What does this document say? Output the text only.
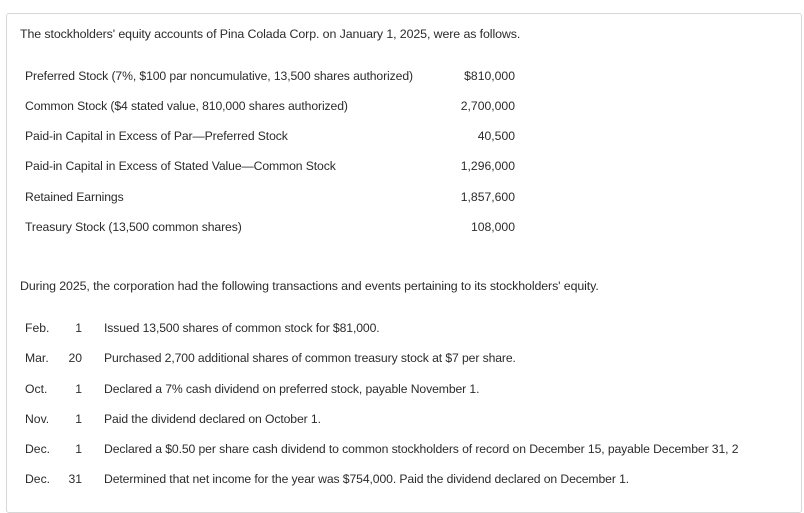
The stockholders' equity accounts of Pina Colada Corp. on January 1, 2025, were as follows.
Preferred Stock (7%, $100 par noncumulative, 13,500 shares authorized)	$810,000
Common Stock ($4 stated value, 810,000 shares authorized)	2,700,000
Paid-in Capital in Excess of Par—Preferred Stock	40,500
Paid-in Capital in Excess of Stated Value—Common Stock	1,296,000
Retained Earnings	1,857,600
Treasury Stock (13,500 common shares)	108,000
During 2025, the corporation had the following transactions and events pertaining to its stockholders' equity.
Feb. 1 Issued 13,500 shares of common stock for $81,000.
Mar. 20 Purchased 2,700 additional shares of common treasury stock at $7 per share.
Oct. 1 Declared a 7% cash dividend on preferred stock, payable November 1.
Nov. 1 Paid the dividend declared on October 1.
Dec. 1 Declared a $0.50 per share cash dividend to common stockholders of record on December 15, payable December 31, 2
Dec. 31 Determined that net income for the year was $754,000. Paid the dividend declared on December 1.
